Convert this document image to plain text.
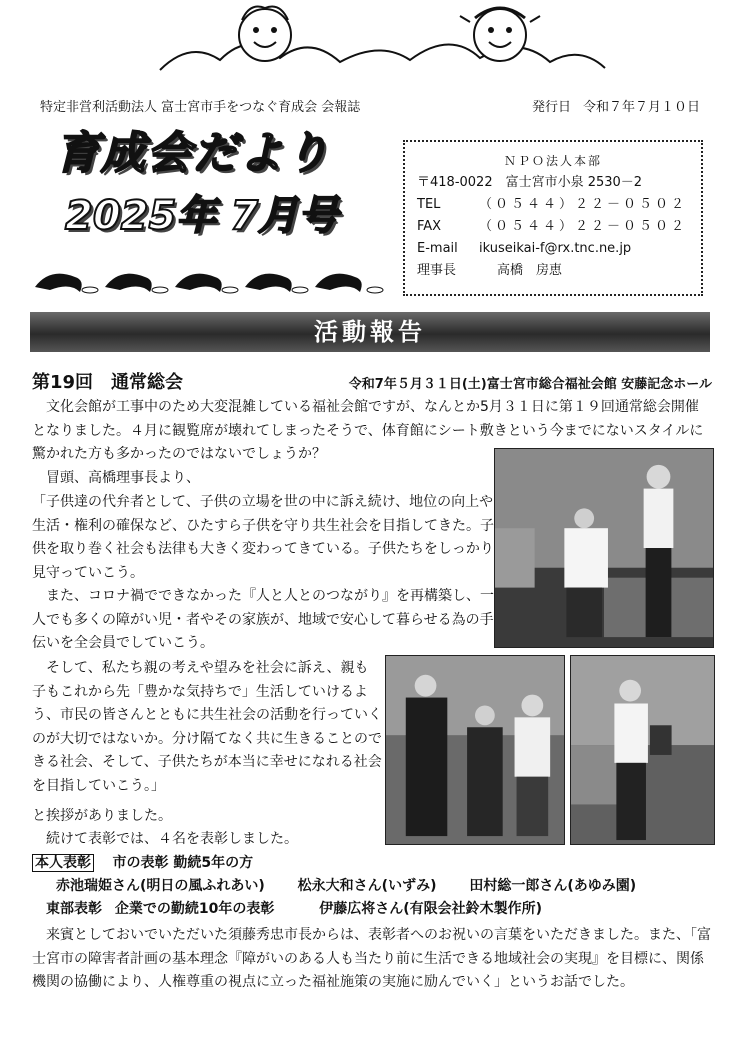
特定非営利活動法人 富士宮市手をつなぐ育成会 会報誌	発行日 令和７年７月１０日
育成会だより
2025年 7月号
ＮＰＯ法人本部
〒418-0022　富士宮市小泉 2530－2
TEL	（０５４４）２２－０５０２
FAX	（０５４４）２２－０５０２
E-mail	ikuseikai-f@rx.tnc.ne.jp
理事長	高橋　房恵
活動報告
第19回　通常総会	令和7年５月３１日(土)富士宮市総合福祉会館 安藤記念ホール

文化会館が工事中のため大変混雑している福祉会館ですが、なんとか5月３１日に第１９回通常総会開催となりました。４月に観覧席が壊れてしまったそうで、体育館にシート敷きという今までにないスタイルに驚かれた方も多かったのではないでしょうか？

冒頭、高橋理事長より、

「子供達の代弁者として、子供の立場を世の中に訴え続け、地位の向上や生活・権利の確保など、ひたすら子供を守り共生社会を目指してきた。子供を取り巻く社会も法律も大きく変わってきている。子供たちをしっかり見守っていこう。

また、コロナ禍でできなかった『人と人とのつながり』を再構築し、一人でも多くの障がい児・者やその家族が、地域で安心して暮らせる為の手伝いを全会員でしていこう。

そして、私たち親の考えや望みを社会に訴え、親も子もこれから先「豊かな気持ちで」生活していけるよう、市民の皆さんとともに共生社会の活動を行っていくのが大切ではないか。分け隔てなく共に生きることのできる社会、そして、子供たちが本当に幸せになれる社会を目指していこう。」

と挨拶がありました。

続けて表彰では、４名を表彰しました。

本人表彰 市の表彰 勤続5年の方
赤池瑞姫さん(明日の風ふれあい) 松永大和さん(いずみ) 田村総一郎さん(あゆみ園)
東部表彰 企業での勤続10年の表彰	伊藤広将さん(有限会社鈴木製作所)

来賓としておいでいただいた須藤秀忠市長からは、表彰者へのお祝いの言葉をいただきました。また、「富士宮市の障害者計画の基本理念『障がいのある人も当たり前に生活できる地域社会の実現』を目標に、関係機関の協働により、人権尊重の視点に立った福祉施策の実施に励んでいく」というお話でした。
